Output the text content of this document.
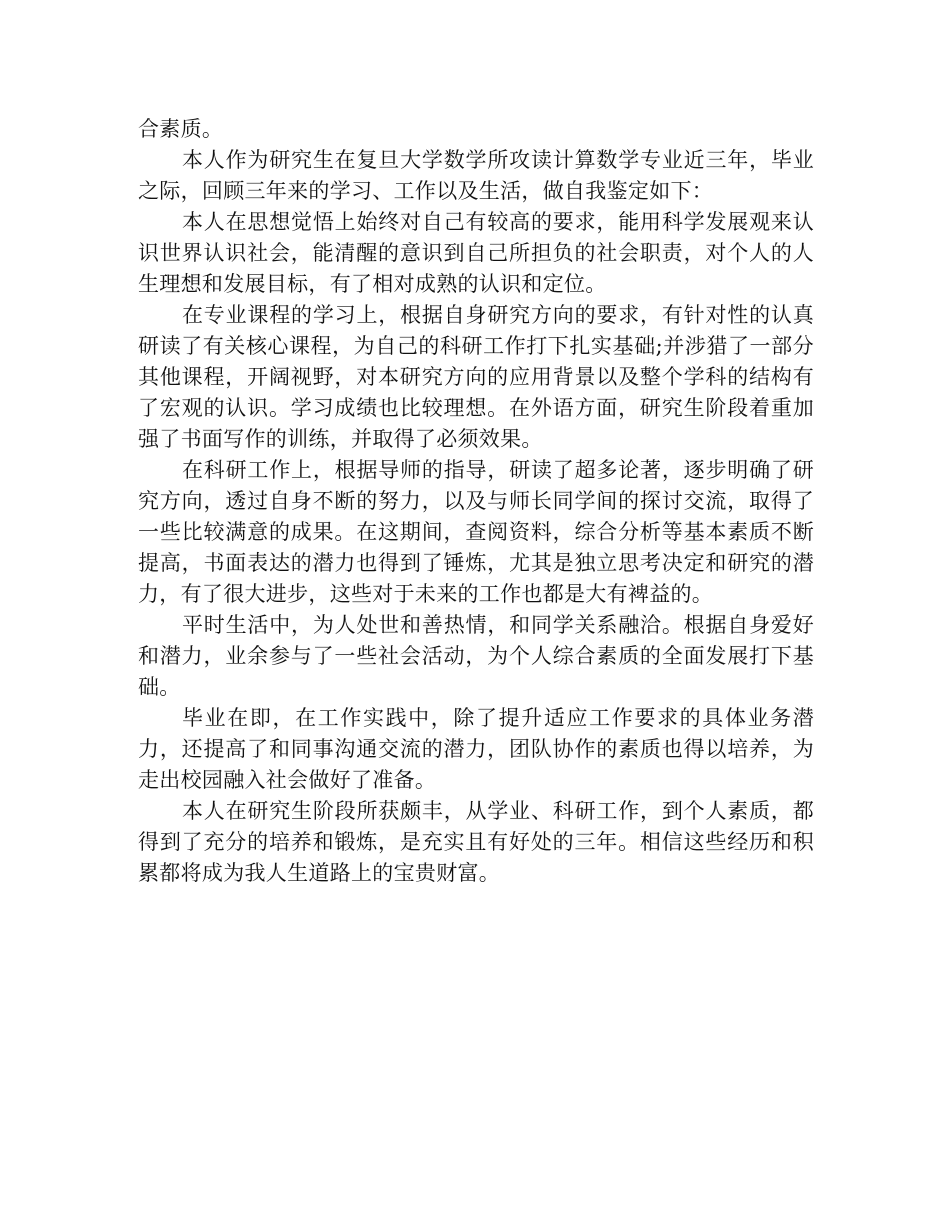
合素质。

本人作为研究生在复旦大学数学所攻读计算数学专业近三年，毕业之际，回顾三年来的学习、工作以及生活，做自我鉴定如下：

本人在思想觉悟上始终对自己有较高的要求，能用科学发展观来认识世界认识社会，能清醒的意识到自己所担负的社会职责，对个人的人生理想和发展目标，有了相对成熟的认识和定位。

在专业课程的学习上，根据自身研究方向的要求，有针对性的认真研读了有关核心课程，为自己的科研工作打下扎实基础;并涉猎了一部分其他课程，开阔视野，对本研究方向的应用背景以及整个学科的结构有了宏观的认识。学习成绩也比较理想。在外语方面，研究生阶段着重加强了书面写作的训练，并取得了必须效果。

在科研工作上，根据导师的指导，研读了超多论著，逐步明确了研究方向，透过自身不断的努力，以及与师长同学间的探讨交流，取得了一些比较满意的成果。在这期间，查阅资料，综合分析等基本素质不断提高，书面表达的潜力也得到了锤炼，尤其是独立思考决定和研究的潜力，有了很大进步，这些对于未来的工作也都是大有裨益的。

平时生活中，为人处世和善热情，和同学关系融洽。根据自身爱好和潜力，业余参与了一些社会活动，为个人综合素质的全面发展打下基础。

毕业在即，在工作实践中，除了提升适应工作要求的具体业务潜力，还提高了和同事沟通交流的潜力，团队协作的素质也得以培养，为走出校园融入社会做好了准备。

本人在研究生阶段所获颇丰，从学业、科研工作，到个人素质，都得到了充分的培养和锻炼，是充实且有好处的三年。相信这些经历和积累都将成为我人生道路上的宝贵财富。
